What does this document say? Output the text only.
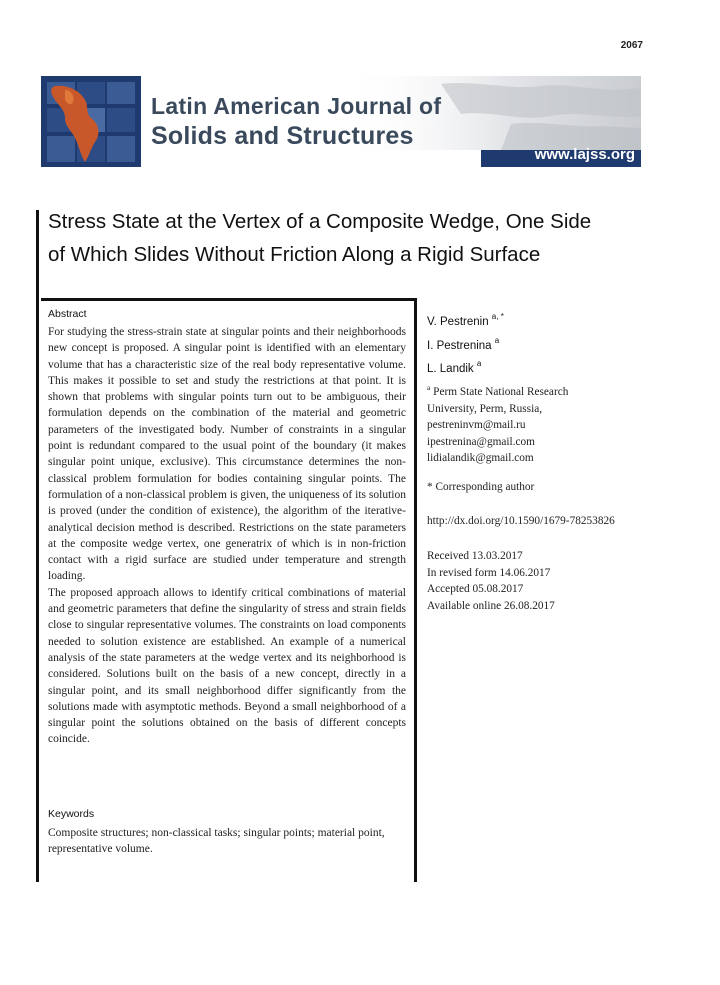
2067
Latin American Journal of
Solids and Structures
www.lajss.org
Stress State at the Vertex of a Composite Wedge, One Side
of Which Slides Without Friction Along a Rigid Surface
Abstract

For studying the stress-strain state at singular points and their neighborhoods new concept is proposed. A singular point is identified with an elementary volume that has a characteristic size of the real body representative volume. This makes it possible to set and study the restrictions at that point. It is shown that problems with singular points turn out to be ambiguous, their formulation depends on the combination of the material and geometric parameters of the investigated body. Number of constraints in a singular point is redundant compared to the usual point of the boundary (it makes singular point unique, exclusive). This circumstance determines the non-classical problem formulation for bodies containing singular points. The formulation of a non-classical problem is given, the uniqueness of its solution is proved (under the condition of existence), the algorithm of the iterative-analytical decision method is described. Restrictions on the state parameters at the composite wedge vertex, one generatrix of which is in non-friction contact with a rigid surface are studied under temperature and strength loading.

The proposed approach allows to identify critical combinations of material and geometric parameters that define the singularity of stress and strain fields close to singular representative volumes. The constraints on load components needed to solution existence are established. An example of a numerical analysis of the state parameters at the wedge vertex and its neighborhood is considered. Solutions built on the basis of a new concept, directly in a singular point, and its small neighborhood differ significantly from the solutions made with asymptotic methods. Beyond a small neighborhood of a singular point the solutions obtained on the basis of different concepts coincide.

Keywords
Composite structures; non-classical tasks; singular points; material point, representative volume.
V. Pestrenin $^{a, *}$
I. Pestrenina $^a$
L. Landik $^a$
$^a$ Perm State National Research
University, Perm, Russia,
pestreninvm@mail.ru
ipestrenina@gmail.com
lidialandik@gmail.com
* Corresponding author
http://dx.doi.org/10.1590/1679-78253826
Received 13.03.2017
In revised form 14.06.2017
Accepted 05.08.2017
Available online 26.08.2017
